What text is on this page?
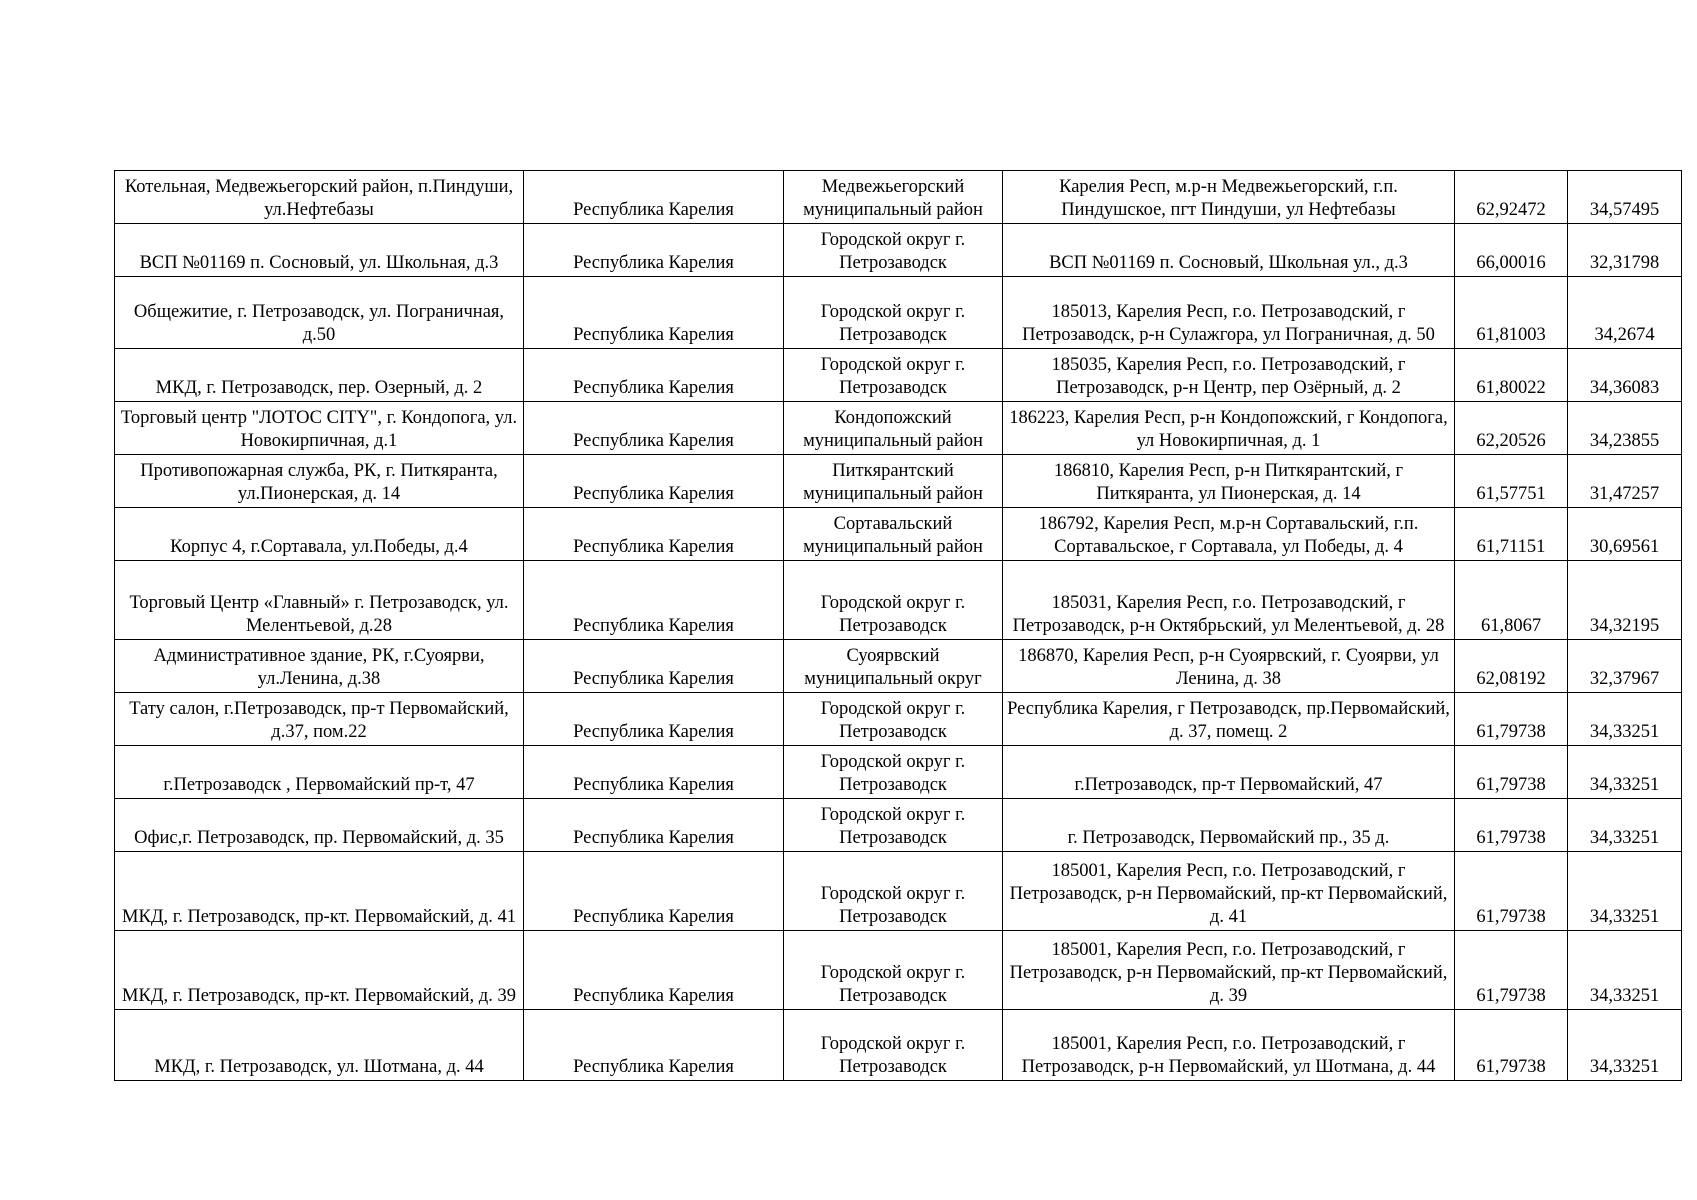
Котельная, Медвежьегорский район, п.Пиндуши, ул.Нефтебазы	Республика Карелия	Медвежьегорский муниципальный район	Карелия Респ, м.р-н Медвежьегорский, г.п. Пиндушское, пгт Пиндуши, ул Нефтебазы	62,92472	34,57495
ВСП №01169 п. Сосновый, ул. Школьная, д.3	Республика Карелия	Городской округ г. Петрозаводск	ВСП №01169 п. Сосновый, Школьная ул., д.3	66,00016	32,31798
Общежитие, г. Петрозаводск, ул. Пограничная, д.50	Республика Карелия	Городской округ г. Петрозаводск	185013, Карелия Респ, г.о. Петрозаводский, г Петрозаводск, р-н Сулажгора, ул Пограничная, д. 50	61,81003	34,2674
МКД, г. Петрозаводск, пер. Озерный, д. 2	Республика Карелия	Городской округ г. Петрозаводск	185035, Карелия Респ, г.о. Петрозаводский, г Петрозаводск, р-н Центр, пер Озёрный, д. 2	61,80022	34,36083
Торговый центр "ЛОТОС CITY", г. Кондопога, ул. Новокирпичная, д.1	Республика Карелия	Кондопожский муниципальный район	186223, Карелия Респ, р-н Кондопожский, г Кондопога, ул Новокирпичная, д. 1	62,20526	34,23855
Противопожарная служба, РК, г. Питкяранта, ул.Пионерская, д. 14	Республика Карелия	Питкярантский муниципальный район	186810, Карелия Респ, р-н Питкярантский, г Питкяранта, ул Пионерская, д. 14	61,57751	31,47257
Корпус 4, г.Сортавала, ул.Победы, д.4	Республика Карелия	Сортавальский муниципальный район	186792, Карелия Респ, м.р-н Сортавальский, г.п. Сортавальское, г Сортавала, ул Победы, д. 4	61,71151	30,69561
Торговый Центр «Главный» г. Петрозаводск, ул. Мелентьевой, д.28	Республика Карелия	Городской округ г. Петрозаводск	185031, Карелия Респ, г.о. Петрозаводский, г Петрозаводск, р-н Октябрьский, ул Мелентьевой, д. 28	61,8067	34,32195
Административное здание, РК, г.Суоярви, ул.Ленина, д.38	Республика Карелия	Суоярвский муниципальный округ	186870, Карелия Респ, р-н Суоярвский, г. Суоярви, ул Ленина, д. 38	62,08192	32,37967
Тату салон, г.Петрозаводск, пр-т Первомайский, д.37, пом.22	Республика Карелия	Городской округ г. Петрозаводск	Республика Карелия, г Петрозаводск, пр.Первомайский, д. 37, помещ. 2	61,79738	34,33251
г.Петрозаводск , Первомайский пр-т, 47	Республика Карелия	Городской округ г. Петрозаводск	г.Петрозаводск, пр-т Первомайский, 47	61,79738	34,33251
Офис,г. Петрозаводск, пр. Первомайский, д. 35	Республика Карелия	Городской округ г. Петрозаводск	г. Петрозаводск, Первомайский пр., 35 д.	61,79738	34,33251
МКД, г. Петрозаводск, пр-кт. Первомайский, д. 41	Республика Карелия	Городской округ г. Петрозаводск	185001, Карелия Респ, г.о. Петрозаводский, г Петрозаводск, р-н Первомайский, пр-кт Первомайский, д. 41	61,79738	34,33251
МКД, г. Петрозаводск, пр-кт. Первомайский, д. 39	Республика Карелия	Городской округ г. Петрозаводск	185001, Карелия Респ, г.о. Петрозаводский, г Петрозаводск, р-н Первомайский, пр-кт Первомайский, д. 39	61,79738	34,33251
МКД, г. Петрозаводск, ул. Шотмана, д. 44	Республика Карелия	Городской округ г. Петрозаводск	185001, Карелия Респ, г.о. Петрозаводский, г Петрозаводск, р-н Первомайский, ул Шотмана, д. 44	61,79738	34,33251
